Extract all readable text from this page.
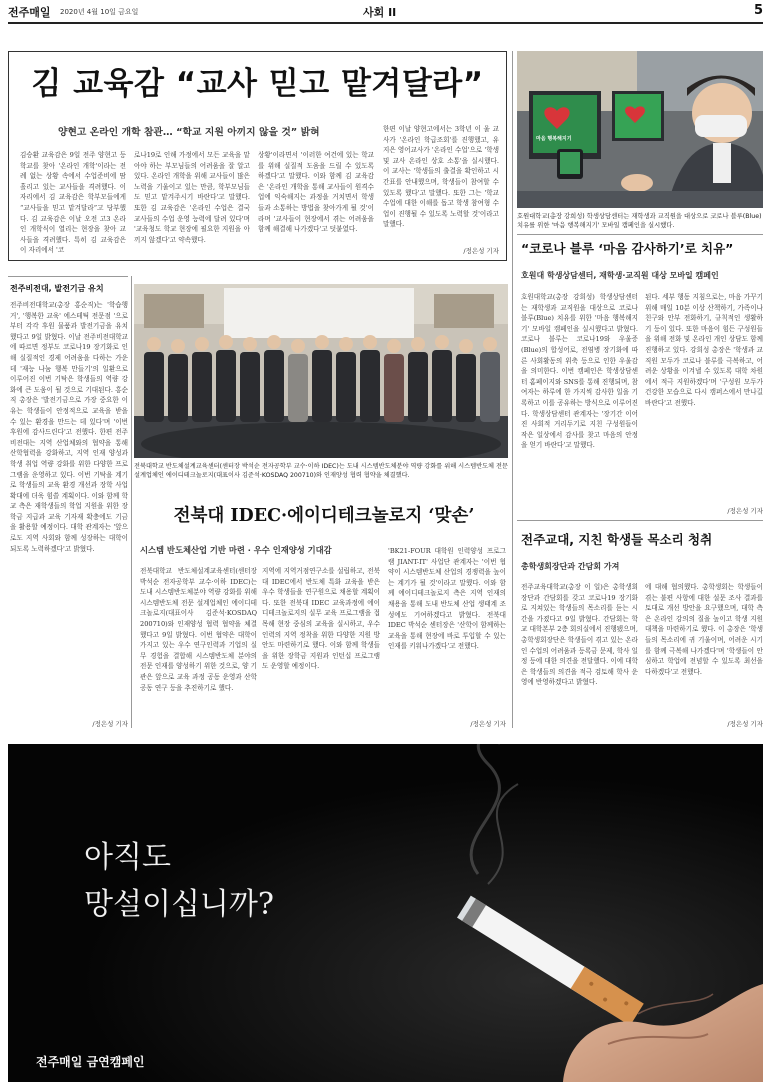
전주매일 2020년 4월 10일 금요일	사회 II	5
김 교육감 “교사 믿고 맡겨달라”
양현고 온라인 개학 참관… “학교 지원 아끼지 않을 것” 밝혀
김승환 교육감은 9일 전주 양현고 등학교를 찾아 '온라인 개학'이라는 전례 없는 상황 속에서 수업준비에 땀 흘리고 있는 교사들을 격려했다. 이 자리에서 김 교육감은 학부모들에게 “교사들을 믿고 맡겨달라”고 당부했다. 김 교육감은 이날 오전 고3 온라인 개학식이 열리는 현장을 찾아 교사들을 격려했다. 특히 김 교육감은 이 자리에서 '코
로나19로 인해 가정에서 모든 교육을 맡아야 하는 부모님들의 어려움을 잘 알고 있다. 온라인 개학을 위해 교사들이 많은 노력을 기울이고 있는 만큼, 학부모님들도 믿고 맡겨주시기 바란다'고 말했다. 또한 김 교육감은 '온라인 수업은 결국 교사들의 수업 운영 능력에 달려 있다'며 '교육청도 학교 현장에 필요한 지원을 아끼지 않겠다'고 약속했다.
상황'이라면서 '이러한 여건에 있는 학교를 위해 실질적 도움을 드릴 수 있도록 하겠다'고 말했다. 이와 함께 김 교육감은 '온라인 개학을 통해 교사들이 원격수업에 익숙해지는 과정을 거치면서 학생들과 소통하는 방법을 찾아가게 될 것'이라며 '교사들이 현장에서 겪는 어려움을 함께 해결해 나가겠다'고 덧붙였다.
한편 이날 양현고에서는 3학년 이 울 교사가 '온라인 학급조회'를 진행했고, 유지은 영어교사가 '온라인 수업'으로 '학생 및 교사 온라인 상호 소통'을 실시했다. 이 교사는 '학생들의 출결을 확인하고 시간표를 안내했으며, 학생들이 참여할 수 있도록 했다'고 말했다. 또한 그는 '학교 수업에 대한 이해를 돕고 학생 참여형 수업이 진행될 수 있도록 노력할 것'이라고 말했다.
/정은성 기자
마음 행복해지기
호원대학교(총장 강희성) 학생상담센터는 재학생과 교직원을 대상으로 코로나 블루(Blue) 치유를 위한 '마음 행복해지기' 모바일 캠페인을 실시했다.
“코로나 블루 ‘마음 감사하기’로 치유”
호원대 학생상담센터, 재학생·교직원 대상 모바일 캠페인
호원대학교(총장 강희성) 학생상담센터는 재학생과 교직원을 대상으로 코로나 블루(Blue) 치유를 위한 '마음 행복해지기' 모바일 캠페인을 실시했다고 밝혔다. 코로나 블루는 코로나19와 우울증(Blue)의 합성어로, 전염병 장기화에 따른 사회활동의 위축 등으로 인한 우울감을 의미한다. 이번 캠페인은 학생상담센터 홈페이지와 SNS를 통해 진행되며, 참여자는 하루에 한 가지씩 감사한 일을 기록하고 이를 공유하는 방식으로 이루어진다. 학생상담센터 관계자는 '장기간 이어진 사회적 거리두기로 지친 구성원들이 작은 일상에서 감사를 찾고 마음의 안정을 얻기 바란다'고 말했다.
된다. 세부 행동 지침으로는, 마음 가꾸기 위해 매일 10분 이상 산책하기, 가족이나 친구와 안부 전화하기, 규칙적인 생활하기 등이 있다. 또한 마음이 힘든 구성원들을 위해 전화 및 온라인 개인 상담도 함께 진행하고 있다. 강희성 총장은 '학생과 교직원 모두가 코로나 블루를 극복하고, 어려운 상황을 이겨낼 수 있도록 대학 차원에서 적극 지원하겠다'며 '구성원 모두가 건강한 모습으로 다시 캠퍼스에서 만나길 바란다'고 전했다.
/정은성 기자
전주비전대, 발전기금 유치
전주비전대학교(총장 홍순직)는 '학습행거', '행복한 교육' 에스테틱 전문점 '으로부터 각각 후원 물품과 발전기금을 유치했다고 9일 밝혔다. 이날 전주비전대학교에 따르면 정부도 코로나19 장기화로 인해 실질적인 경제 어려움을 다하는 가운데 '재능 나눔 행복 만들기'의 일환으로 이루어진 이번 기탁은 학생들의 역량 강화에 큰 도움이 될 것으로 기대된다. 홍순직 총장은 '발전기금으로 가장 중요한 이유는 학생들이 안정적으로 교육을 받을 수 있는 환경을 만드는 데 있다'며 '이번 후원에 감사드린다'고 전했다. 한편 전주비전대는 지역 산업체와의 협약을 통해 산학협력을 강화하고, 지역 인재 양성과 학생 취업 역량 강화를 위한 다양한 프로그램을 운영하고 있다. 이번 기탁을 계기로 학생들의 교육 환경 개선과 장학 사업 확대에 더욱 힘쓸 계획이다. 이와 함께 학교 측은 재학생들의 학업 지원을 위한 장학금 지급과 교육 기자재 확충에도 기금을 활용할 예정이다. 대학 관계자는 '앞으로도 지역 사회와 함께 성장하는 대학이 되도록 노력하겠다'고 밝혔다.
/정은성 기자
전북대학교 반도체설계교육센터(센터장 박석순 전자공학부 교수·이하 IDEC)는 도내 시스템반도체분야 역량 강화를 위해 시스템반도체 전문 설계업체인 에이디테크놀로지(대표이사 김준석·KOSDAQ 200710)와 인재양성 협력 협약을 체결했다.
전북대 IDEC·에이디테크놀로지 ‘맞손’
시스템 반도체산업 기반 마련 · 우수 인재양성 기대감
전북대학교 반도체설계교육센터(센터장 박석순 전자공학부 교수·이하 IDEC)는 도내 시스템반도체분야 역량 강화를 위해 시스템반도체 전문 설계업체인 에이디테크놀로지(대표이사 김준석·KOSDAQ 200710)와 인재양성 협력 협약을 체결했다고 9일 밝혔다. 이번 협약은 대학이 가지고 있는 우수 연구인력과 기업의 실무 경험을 결합해 시스템반도체 분야의 전문 인재를 양성하기 위한 것으로, 양 기관은 앞으로 교육 과정 공동 운영과 산학 공동 연구 등을 추진하기로 했다.
지역에 지역거점연구소를 설립하고, 전북대 IDEC에서 반도체 특화 교육을 받은 우수 학생들을 연구원으로 채용할 계획이다. 또한 전북대 IDEC 교육과정에 에이디테크놀로지의 실무 교육 프로그램을 접목해 현장 중심의 교육을 실시하고, 우수 인력의 지역 정착을 위한 다양한 지원 방안도 마련하기로 했다. 이와 함께 학생들을 위한 장학금 지원과 인턴십 프로그램도 운영할 예정이다.
'BK21-FOUR 대학원 인력양성 프로그램 JIANT-IT' 사업단 관계자는 '이번 협약이 시스템반도체 산업의 경쟁력을 높이는 계기가 될 것'이라고 말했다. 이와 함께 에이디테크놀로지 측은 지역 인재의 채용을 통해 도내 반도체 산업 생태계 조성에도 기여하겠다고 밝혔다. 전북대 IDEC 박석순 센터장은 '산학이 함께하는 교육을 통해 현장에 바로 투입할 수 있는 인재를 키워나가겠다'고 전했다.
/정은성 기자
전주교대, 지친 학생들 목소리 청취
총학생회장단과 간담회 가져
전주교육대학교(총장 이 일)은 총학생회장단과 간담회를 갖고 코로나19 장기화로 지쳐있는 학생들의 목소리를 듣는 시간을 가졌다고 9일 밝혔다. 간담회는 학교 대학본부 2층 회의실에서 진행됐으며, 총학생회장단은 학생들이 겪고 있는 온라인 수업의 어려움과 등록금 문제, 학사 일정 등에 대한 의견을 전달했다. 이에 대학은 학생들의 의견을 적극 검토해 학사 운영에 반영하겠다고 밝혔다.
에 대해 협의했다. 총학생회는 학생들이 겪는 불편 사항에 대한 설문 조사 결과를 토대로 개선 방안을 요구했으며, 대학 측은 온라인 강의의 질을 높이고 학생 지원 대책을 마련하기로 했다. 이 총장은 '학생들의 목소리에 귀 기울이며, 어려운 시기를 함께 극복해 나가겠다'며 '학생들이 안심하고 학업에 전념할 수 있도록 최선을 다하겠다'고 전했다.
/정은성 기자
아직도
망설이십니까?
전주매일 금연캠페인
